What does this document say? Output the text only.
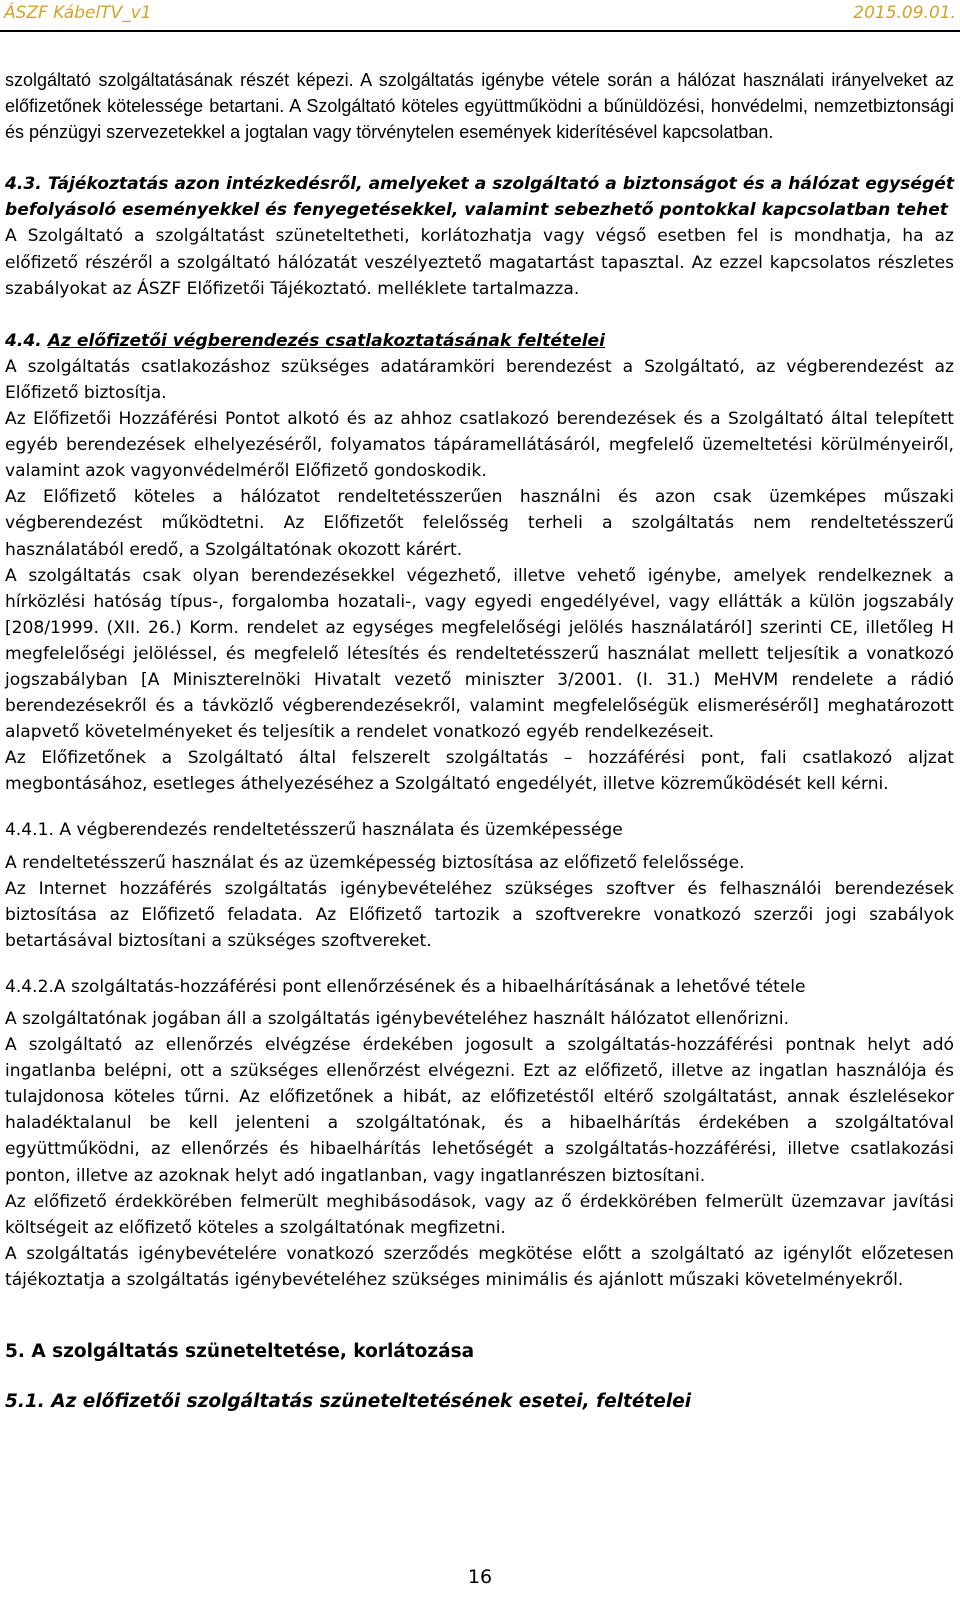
ÁSZF KábelTV_v1	2015.09.01.

szolgáltató szolgáltatásának részét képezi. A szolgáltatás igénybe vétele során a hálózat használati irányelveket az előfizetőnek kötelessége betartani. A Szolgáltató köteles együttműködni a bűnüldözési, honvédelmi, nemzetbiztonsági és pénzügyi szervezetekkel a jogtalan vagy törvénytelen események kiderítésével kapcsolatban.

4.3. Tájékoztatás azon intézkedésről, amelyeket a szolgáltató a biztonságot és a hálózat egységét befolyásoló eseményekkel és fenyegetésekkel, valamint sebezhető pontokkal kapcsolatban tehet

A Szolgáltató a szolgáltatást szüneteltetheti, korlátozhatja vagy végső esetben fel is mondhatja, ha az előfizető részéről a szolgáltató hálózatát veszélyeztető magatartást tapasztal. Az ezzel kapcsolatos részletes szabályokat az ÁSZF Előfizetői Tájékoztató. melléklete tartalmazza.

4.4. Az előfizetői végberendezés csatlakoztatásának feltételei

A szolgáltatás csatlakozáshoz szükséges adatáramköri berendezést a Szolgáltató, az végberendezést az Előfizető biztosítja.

Az Előfizetői Hozzáférési Pontot alkotó és az ahhoz csatlakozó berendezések és a Szolgáltató által telepített egyéb berendezések elhelyezéséről, folyamatos tápáramellátásáról, megfelelő üzemeltetési körülményeiről, valamint azok vagyonvédelméről Előfizető gondoskodik.

Az Előfizető köteles a hálózatot rendeltetésszerűen használni és azon csak üzemképes műszaki végberendezést működtetni. Az Előfizetőt felelősség terheli a szolgáltatás nem rendeltetésszerű használatából eredő, a Szolgáltatónak okozott kárért.

A szolgáltatás csak olyan berendezésekkel végezhető, illetve vehető igénybe, amelyek rendelkeznek a hírközlési hatóság típus-, forgalomba hozatali-, vagy egyedi engedélyével, vagy ellátták a külön jogszabály [208/1999. (XII. 26.) Korm. rendelet az egységes megfelelőségi jelölés használatáról] szerinti CE, illetőleg H megfelelőségi jelöléssel, és megfelelő létesítés és rendeltetésszerű használat mellett teljesítik a vonatkozó jogszabályban [A Miniszterelnöki Hivatalt vezető miniszter 3/2001. (I. 31.) MeHVM rendelete a rádió berendezésekről és a távközlő végberendezésekről, valamint megfelelőségük elismeréséről] meghatározott alapvető követelményeket és teljesítik a rendelet vonatkozó egyéb rendelkezéseit.

Az Előfizetőnek a Szolgáltató által felszerelt szolgáltatás – hozzáférési pont, fali csatlakozó aljzat megbontásához, esetleges áthelyezéséhez a Szolgáltató engedélyét, illetve közreműködését kell kérni.

4.4.1. A végberendezés rendeltetésszerű használata és üzemképessége

A rendeltetésszerű használat és az üzemképesség biztosítása az előfizető felelőssége.

Az Internet hozzáférés szolgáltatás igénybevételéhez szükséges szoftver és felhasználói berendezések biztosítása az Előfizető feladata. Az Előfizető tartozik a szoftverekre vonatkozó szerzői jogi szabályok betartásával biztosítani a szükséges szoftvereket.

4.4.2.A szolgáltatás-hozzáférési pont ellenőrzésének és a hibaelhárításának a lehetővé tétele

A szolgáltatónak jogában áll a szolgáltatás igénybevételéhez használt hálózatot ellenőrizni.

A szolgáltató az ellenőrzés elvégzése érdekében jogosult a szolgáltatás-hozzáférési pontnak helyt adó ingatlanba belépni, ott a szükséges ellenőrzést elvégezni. Ezt az előfizető, illetve az ingatlan használója és tulajdonosa köteles tűrni. Az előfizetőnek a hibát, az előfizetéstől eltérő szolgáltatást, annak észlelésekor haladéktalanul be kell jelenteni a szolgáltatónak, és a hibaelhárítás érdekében a szolgáltatóval együttműködni, az ellenőrzés és hibaelhárítás lehetőségét a szolgáltatás-hozzáférési, illetve csatlakozási ponton, illetve az azoknak helyt adó ingatlanban, vagy ingatlanrészen biztosítani.

Az előfizető érdekkörében felmerült meghibásodások, vagy az ő érdekkörében felmerült üzemzavar javítási költségeit az előfizető köteles a szolgáltatónak megfizetni.

A szolgáltatás igénybevételére vonatkozó szerződés megkötése előtt a szolgáltató az igénylőt előzetesen tájékoztatja a szolgáltatás igénybevételéhez szükséges minimális és ajánlott műszaki követelményekről.

5. A szolgáltatás szüneteltetése, korlátozása

5.1. Az előfizetői szolgáltatás szüneteltetésének esetei, feltételei

16
